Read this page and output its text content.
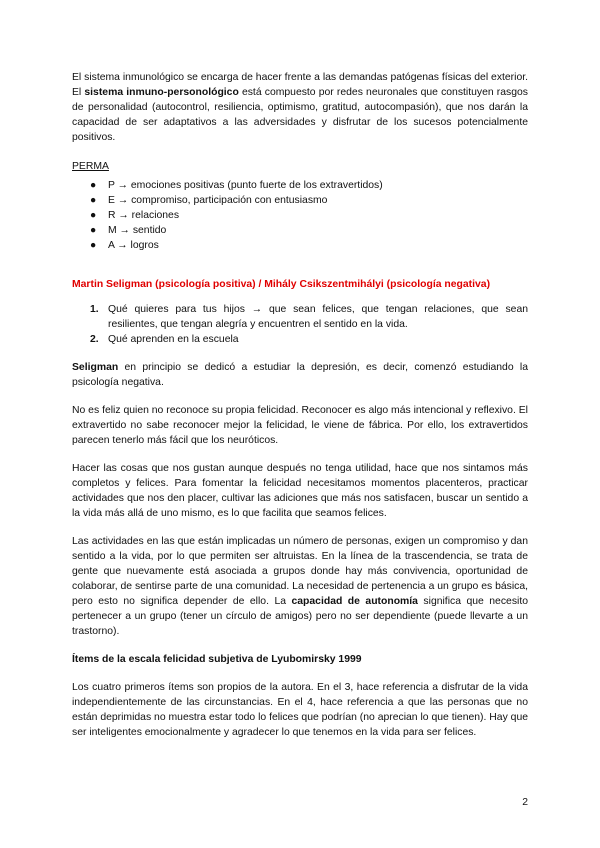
El sistema inmunológico se encarga de hacer frente a las demandas patógenas físicas del exterior. El sistema inmuno-personológico está compuesto por redes neuronales que constituyen rasgos de personalidad (autocontrol, resiliencia, optimismo, gratitud, autocompasión), que nos darán la capacidad de ser adaptativos a las adversidades y disfrutar de los sucesos potencialmente positivos.

PERMA
● P → emociones positivas (punto fuerte de los extravertidos)
● E → compromiso, participación con entusiasmo
● R → relaciones
● M → sentido
● A → logros
Martin Seligman (psicología positiva) / Mihály Csikszentmihályi (psicología negativa)
1. Qué quieres para tus hijos → que sean felices, que tengan relaciones, que sean resilientes, que tengan alegría y encuentren el sentido en la vida.
2. Qué aprenden en la escuela

Seligman en principio se dedicó a estudiar la depresión, es decir, comenzó estudiando la psicología negativa.

No es feliz quien no reconoce su propia felicidad. Reconocer es algo más intencional y reflexivo. El extravertido no sabe reconocer mejor la felicidad, le viene de fábrica. Por ello, los extravertidos parecen tenerlo más fácil que los neuróticos.

Hacer las cosas que nos gustan aunque después no tenga utilidad, hace que nos sintamos más completos y felices. Para fomentar la felicidad necesitamos momentos placenteros, practicar actividades que nos den placer, cultivar las adiciones que más nos satisfacen, buscar un sentido a la vida más allá de uno mismo, es lo que facilita que seamos felices.

Las actividades en las que están implicadas un número de personas, exigen un compromiso y dan sentido a la vida, por lo que permiten ser altruistas. En la línea de la trascendencia, se trata de gente que nuevamente está asociada a grupos donde hay más convivencia, oportunidad de colaborar, de sentirse parte de una comunidad. La necesidad de pertenencia a un grupo es básica, pero esto no significa depender de ello. La capacidad de autonomía significa que necesito pertenecer a un grupo (tener un círculo de amigos) pero no ser dependiente (puede llevarte a un trastorno).

Ítems de la escala felicidad subjetiva de Lyubomirsky 1999

Los cuatro primeros ítems son propios de la autora. En el 3, hace referencia a disfrutar de la vida independientemente de las circunstancias. En el 4, hace referencia a que las personas que no están deprimidas no muestra estar todo lo felices que podrían (no aprecian lo que tienen). Hay que ser inteligentes emocionalmente y agradecer lo que tenemos en la vida para ser felices.

2
